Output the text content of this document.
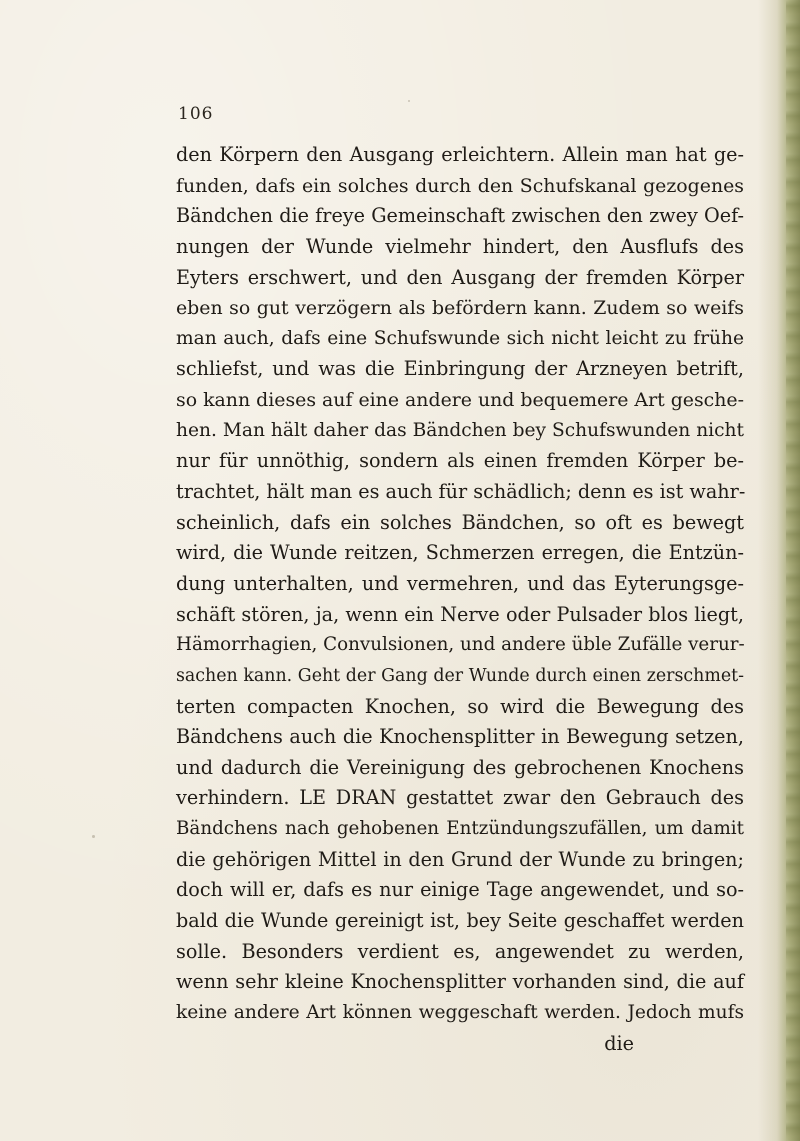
106
den Körpern den Ausgang erleichtern. Allein man hat ge-
funden, dafs ein solches durch den Schufskanal gezogenes
Bändchen die freye Gemeinschaft zwischen den zwey Oef-
nungen der Wunde vielmehr hindert, den Ausflufs des
Eyters erschwert, und den Ausgang der fremden Körper
eben so gut verzögern als befördern kann. Zudem so weifs
man auch, dafs eine Schufswunde sich nicht leicht zu frühe
schliefst, und was die Einbringung der Arzneyen betrift,
so kann dieses auf eine andere und bequemere Art gesche-
hen. Man hält daher das Bändchen bey Schufswunden nicht
nur für unnöthig, sondern als einen fremden Körper be-
trachtet, hält man es auch für schädlich; denn es ist wahr-
scheinlich, dafs ein solches Bändchen, so oft es bewegt
wird, die Wunde reitzen, Schmerzen erregen, die Entzün-
dung unterhalten, und vermehren, und das Eyterungsge-
schäft stören, ja, wenn ein Nerve oder Pulsader blos liegt,
Hämorrhagien, Convulsionen, und andere üble Zufälle verur-
sachen kann. Geht der Gang der Wunde durch einen zerschmet-
terten compacten Knochen, so wird die Bewegung des
Bändchens auch die Knochensplitter in Bewegung setzen,
und dadurch die Vereinigung des gebrochenen Knochens
verhindern. LE DRAN gestattet zwar den Gebrauch des
Bändchens nach gehobenen Entzündungszufällen, um damit
die gehörigen Mittel in den Grund der Wunde zu bringen;
doch will er, dafs es nur einige Tage angewendet, und so-
bald die Wunde gereinigt ist, bey Seite geschaffet werden
solle. Besonders verdient es, angewendet zu werden,
wenn sehr kleine Knochensplitter vorhanden sind, die auf
keine andere Art können weggeschaft werden. Jedoch mufs
die
